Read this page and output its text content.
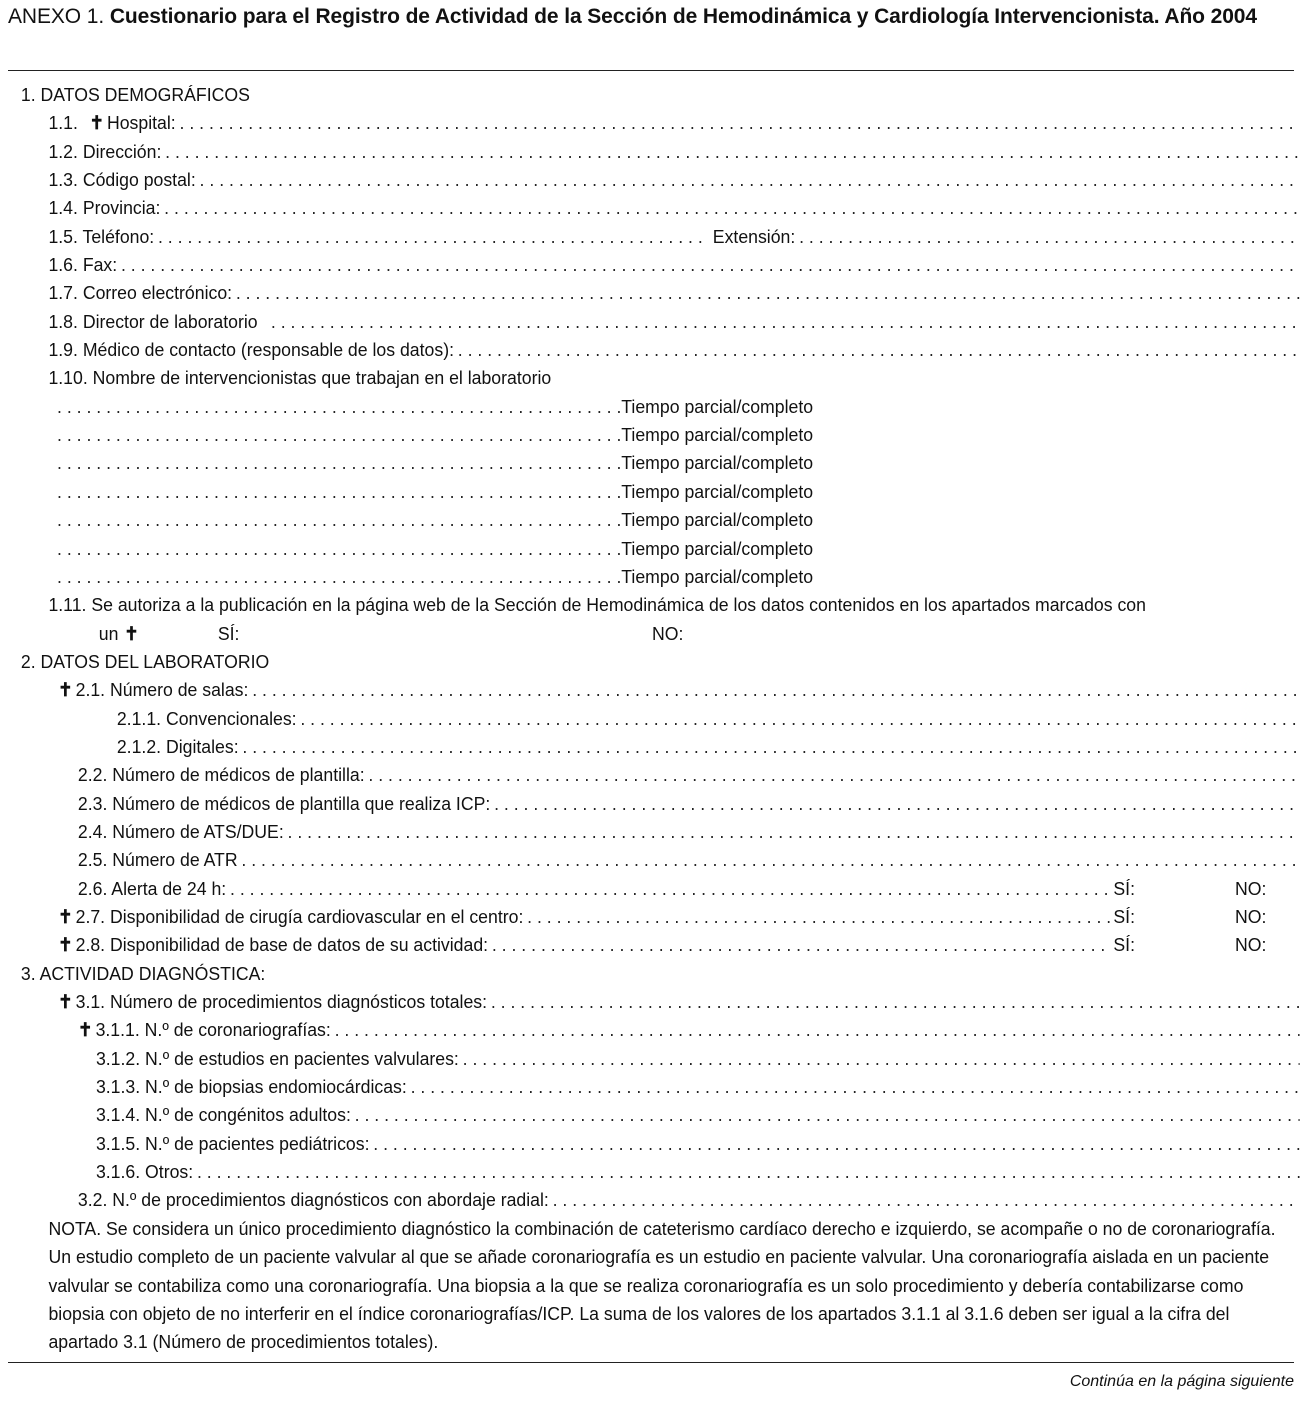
ANEXO 1. Cuestionario para el Registro de Actividad de la Sección de Hemodinámica y Cardiología Intervencionista. Año 2004
1. DATOS DEMOGRÁFICOS
1.1. ✝ Hospital:
. . .
1.2. Dirección:
. . .
1.3. Código postal:
. . .
1.4. Provincia:
. . .
1.5. Teléfono: . . .	Extensión:
. . .
1.6. Fax:
. . .
1.7. Correo electrónico:
. . .
1.8. Director de laboratorio
. . .
1.9. Médico de contacto (responsable de los datos):
. . .
1.10. Nombre de intervencionistas que trabajan en el laboratorio
. . .
Tiempo parcial/completo
. . .
Tiempo parcial/completo
. . .
Tiempo parcial/completo
. . .
Tiempo parcial/completo
. . .
Tiempo parcial/completo
. . .
Tiempo parcial/completo
. . .
Tiempo parcial/completo
1.11. Se autoriza a la publicación en la página web de la Sección de Hemodinámica de los datos contenidos en los apartados marcados con
un ✝	SÍ:	NO:
2. DATOS DEL LABORATORIO
✝ 2.1. Número de salas:
. . .
2.1.1. Convencionales:
. . .
2.1.2. Digitales:
. . .
2.2. Número de médicos de plantilla:
. . .
2.3. Número de médicos de plantilla que realiza ICP:
. . .
2.4. Número de ATS/DUE:
. . .
2.5. Número de ATR
. . .
2.6. Alerta de 24 h: . . .	SÍ:	NO:
✝ 2.7. Disponibilidad de cirugía cardiovascular en el centro: . . .	SÍ:	NO:
✝ 2.8. Disponibilidad de base de datos de su actividad: . . .	SÍ:	NO:
3. ACTIVIDAD DIAGNÓSTICA:
✝ 3.1. Número de procedimientos diagnósticos totales:
. . .
✝ 3.1.1. N.º de coronariografías:
. . .
3.1.2. N.º de estudios en pacientes valvulares:
. . .
3.1.3. N.º de biopsias endomiocárdicas:
. . .
3.1.4. N.º de congénitos adultos:
. . .
3.1.5. N.º de pacientes pediátricos:
. . .
3.1.6. Otros:
. . .
3.2. N.º de procedimientos diagnósticos con abordaje radial:
. . .
NOTA. Se considera un único procedimiento diagnóstico la combinación de cateterismo cardíaco derecho e izquierdo, se acompañe o no de coronariografía. Un estudio completo de un paciente valvular al que se añade coronariografía es un estudio en paciente valvular. Una coronariografía aislada en un paciente valvular se contabiliza como una coronariografía. Una biopsia a la que se realiza coronariografía es un solo procedimiento y debería contabilizarse como biopsia con objeto de no interferir en el índice coronariografías/ICP. La suma de los valores de los apartados 3.1.1 al 3.1.6 deben ser igual a la cifra del apartado 3.1 (Número de procedimientos totales).
Continúa en la página siguiente
